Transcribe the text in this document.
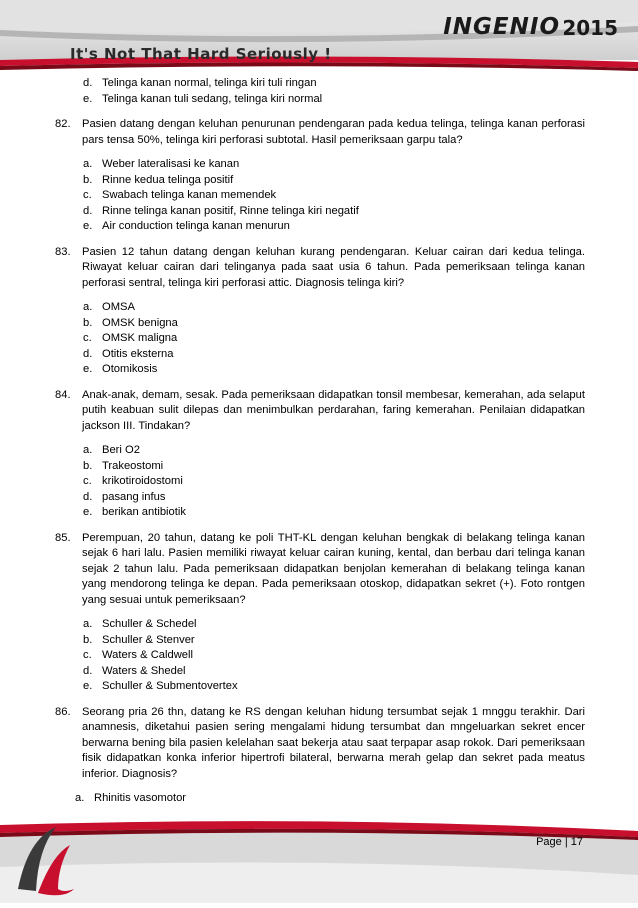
INGENIO 2015
It's Not That Hard Seriously !
d. Telinga kanan normal, telinga kiri tuli ringan
e. Telinga kanan tuli sedang, telinga kiri normal
82.	Pasien datang dengan keluhan penurunan pendengaran pada kedua telinga, telinga kanan perforasi pars tensa 50%, telinga kiri perforasi subtotal. Hasil pemeriksaan garpu tala?
a. Weber lateralisasi ke kanan
b. Rinne kedua telinga positif
c. Swabach telinga kanan memendek
d. Rinne telinga kanan positif, Rinne telinga kiri negatif
e. Air conduction telinga kanan menurun
83.	Pasien 12 tahun datang dengan keluhan kurang pendengaran. Keluar cairan dari kedua telinga. Riwayat keluar cairan dari telinganya pada saat usia 6 tahun. Pada pemeriksaan telinga kanan perforasi sentral, telinga kiri perforasi attic. Diagnosis telinga kiri?
a. OMSA
b. OMSK benigna
c. OMSK maligna
d. Otitis eksterna
e. Otomikosis
84.	Anak-anak, demam, sesak. Pada pemeriksaan didapatkan tonsil membesar, kemerahan, ada selaput putih keabuan sulit dilepas dan menimbulkan perdarahan, faring kemerahan. Penilaian didapatkan jackson III. Tindakan?
a. Beri O2
b. Trakeostomi
c. krikotiroidostomi
d. pasang infus
e. berikan antibiotik
85.	Perempuan, 20 tahun, datang ke poli THT-KL dengan keluhan bengkak di belakang telinga kanan sejak 6 hari lalu. Pasien memiliki riwayat keluar cairan kuning, kental, dan berbau dari telinga kanan sejak 2 tahun lalu. Pada pemeriksaan didapatkan benjolan kemerahan di belakang telinga kanan yang mendorong telinga ke depan. Pada pemeriksaan otoskop, didapatkan sekret (+). Foto rontgen yang sesuai untuk pemeriksaan?
a. Schuller & Schedel
b. Schuller & Stenver
c. Waters & Caldwell
d. Waters & Shedel
e. Schuller & Submentovertex
86.	Seorang pria 26 thn, datang ke RS dengan keluhan hidung tersumbat sejak 1 mnggu terakhir. Dari anamnesis, diketahui pasien sering mengalami hidung tersumbat dan mngeluarkan sekret encer berwarna bening bila pasien kelelahan saat bekerja atau saat terpapar asap rokok. Dari pemeriksaan fisik didapatkan konka inferior hipertrofi bilateral, berwarna merah gelap dan sekret pada meatus inferior. Diagnosis?
a. Rhinitis vasomotor
Page | 17
